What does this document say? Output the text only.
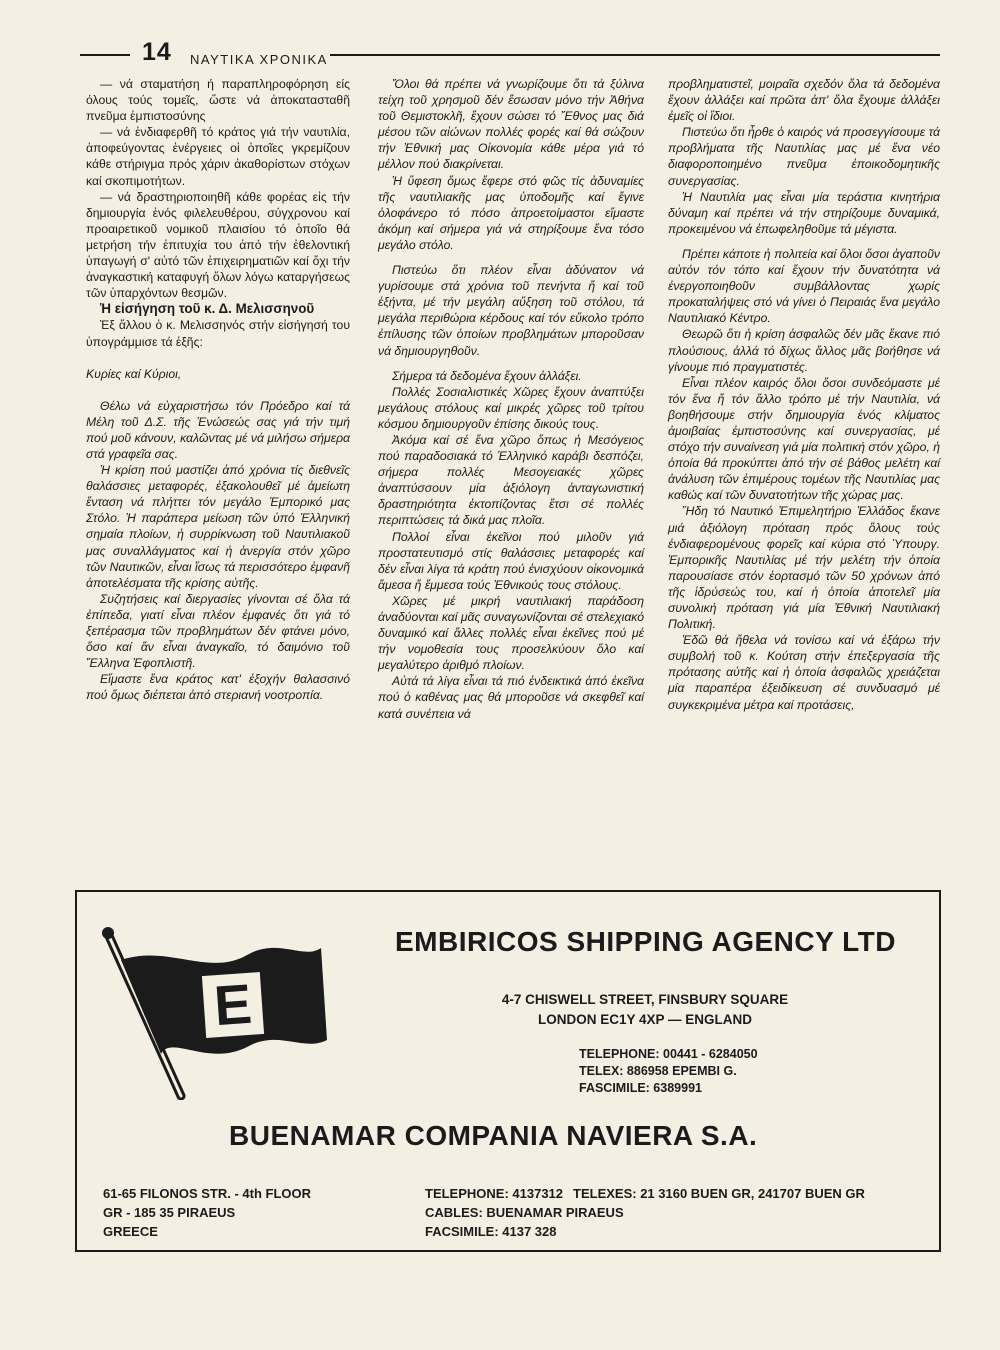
14 ΝΑΥΤΙΚΑ ΧΡΟΝΙΚΑ

— νά σταματήση ή παραπληροφόρηση είς όλους τούς τομεῖς, ὥστε νά ἀποκατασταθῆ πνεῦμα ἐμπιστοσύνης

— νά ἐνδιαφερθῆ τό κράτος γιά τήν ναυτιλία, ἀποφεύγοντας ἐνέργειες οἱ ὁποῖες γκρεμίζουν κάθε στήριγμα πρός χάριν ἀκαθορίστων στόχων καί σκοπιμοτήτων.

— νά δραστηριοποιηθῆ κάθε φορέας εἰς τήν δημιουργία ἑνός φιλελευθέρου, σύγχρονου καί προαιρετικοῦ νομικοῦ πλαισίου τό ὁποῖο θά μετρήση τήν ἐπιτυχία του ἀπό τήν ἐθελοντική ὑπαγωγή σ' αὐτό τῶν ἐπιχειρηματιῶν καί ὄχι τήν ἀναγκαστική καταφυγή ὅλων λόγω καταργήσεως τῶν ὑπαρχόντων θεσμῶν.

Ἡ εἰσήγηση τοῦ κ. Δ. Μελισσηνοῦ

Ἐξ ἄλλου ὁ κ. Μελισσηνός στήν εἰσήγησή του ὑπογράμμισε τά ἑξῆς:

Κυρίες καί Κύριοι,

Θέλω νά εὐχαριστήσω τόν Πρόεδρο καί τά Μέλη τοῦ Δ.Σ. τῆς Ἑνώσεώς σας γιά τήν τιμή πού μοῦ κάνουν, καλῶντας μέ νά μιλήσω σήμερα στά γραφεῖα σας.

Ἡ κρίση πού μαστίζει ἀπό χρόνια τίς διεθνεῖς θαλάσσιες μεταφορές, ἐξακολουθεῖ μέ ἀμείωτη ἔνταση νά πλήττει τόν μεγάλο Ἐμπορικό μας Στόλο. Ἡ παράπερα μείωση τῶν ὑπό Ἑλληνική σημαία πλοίων, ἡ συρρίκνωση τοῦ Ναυτιλιακοῦ μας συναλλάγματος καί ἡ ἀνεργία στόν χῶρο τῶν Ναυτικῶν, εἶναι ἴσως τά περισσότερο ἐμφανῆ ἀποτελέσματα τῆς κρίσης αὐτῆς.

Συζητήσεις καί διεργασίες γίνονται σέ ὅλα τά ἐπίπεδα, γιατί εἶναι πλέον ἐμφανές ὅτι γιά τό ξεπέρασμα τῶν προβλημάτων δέν φτάνει μόνο, ὅσο καί ἄν εἶναι ἀναγκαῖο, τό δαιμόνιο τοῦ Ἕλληνα Ἐφοπλιστῆ.

Εἴμαστε ἕνα κράτος κατ' ἐξοχήν θαλασσινό πού ὅμως διέπεται ἀπό στεριανή νοοτροπία.

Ὅλοι θά πρέπει νά γνωρίζουμε ὅτι τά ξύλινα τείχη τοῦ χρησμοῦ δέν ἔσωσαν μόνο τήν Ἀθήνα τοῦ Θεμιστοκλῆ, ἔχουν σώσει τό Ἔθνος μας διά μέσου τῶν αἰώνων πολλές φορές καί θά σώζουν τήν Ἐθνική μας Οἰκονομία κάθε μέρα γιά τό μέλλον πού διακρίνεται.

Ἡ ὕφεση ὅμως ἔφερε στό φῶς τίς ἀδυναμίες τῆς ναυτιλιακῆς μας ὑποδομῆς καί ἔγινε ὁλοφάνερο τό πόσο ἀπροετοίμαστοι εἴμαστε ἀκόμη καί σήμερα γιά νά στηρίξουμε ἕνα τόσο μεγάλο στόλο.

Πιστεύω ὅτι πλέον εἶναι ἀδύνατον νά γυρίσουμε στά χρόνια τοῦ πενήντα ἤ καί τοῦ ἑξήντα, μέ τήν μεγάλη αὔξηση τοῦ στόλου, τά μεγάλα περιθώρια κέρδους καί τόν εὔκολο τρόπο ἐπίλυσης τῶν ὁποίων προβλημάτων μποροῦσαν νά δημιουργηθοῦν.

Σήμερα τά δεδομένα ἔχουν ἀλλάξει.

Πολλές Σοσιαλιστικές Χῶρες ἔχουν ἀναπτύξει μεγάλους στόλους καί μικρές χῶρες τοῦ τρίτου κόσμου δημιουργοῦν ἐπίσης δικούς τους.

Ἀκόμα καί σέ ἕνα χῶρο ὅπως ἡ Μεσόγειος πού παραδοσιακά τό Ἑλληνικό καράβι δεσπόζει, σήμερα πολλές Μεσογειακές χῶρες ἀναπτύσσουν μία ἀξιόλογη ἀνταγωνιστική δραστηριότητα ἐκτοπίζοντας ἔτσι σέ πολλές περιπτώσεις τά δικά μας πλοῖα.

Πολλοί εἶναι ἐκεῖνοι πού μιλοῦν γιά προστατευτισμό στίς θαλάσσιες μεταφορές καί δέν εἶναι λίγα τά κράτη πού ἐνισχύουν οἰκονομικά ἄμεσα ἤ ἔμμεσα τούς Ἐθνικούς τους στόλους.

Χῶρες μέ μικρή ναυτιλιακή παράδοση ἀναδύονται καί μᾶς συναγωνίζονται σέ στελεχιακό δυναμικό καί ἄλλες πολλές εἶναι ἐκεῖνες πού μέ τήν νομοθεσία τους προσελκύουν ὅλο καί μεγαλύτερο ἀριθμό πλοίων.

Αὐτά τά λίγα εἶναι τά πιό ἐνδεικτικά ἀπό ἐκεῖνα πού ὁ καθένας μας θά μποροῦσε νά σκεφθεῖ καί κατά συνέπεια νά

προβληματιστεῖ, μοιραῖα σχεδόν ὅλα τά δεδομένα ἔχουν ἀλλάξει καί πρῶτα ἀπ' ὅλα ἔχουμε ἀλλάξει ἐμεῖς οἱ ἴδιοι.

Πιστεύω ὅτι ἦρθε ὁ καιρός νά προσεγγίσουμε τά προβλήματα τῆς Ναυτιλίας μας μέ ἕνα νέο διαφοροποιημένο πνεῦμα ἐποικοδομητικῆς συνεργασίας.

Ἡ Ναυτιλία μας εἶναι μία τεράστια κινητήρια δύναμη καί πρέπει νά τήν στηρίζουμε δυναμικά, προκειμένου νά ἐπωφεληθοῦμε τά μέγιστα.

Πρέπει κάποτε ἡ πολιτεία καί ὅλοι ὅσοι ἀγαποῦν αὐτόν τόν τόπο καί ἔχουν τήν δυνατότητα νά ἐνεργοποιηθοῦν συμβάλλοντας χωρίς προκαταλήψεις στό νά γίνει ὁ Πειραιάς ἕνα μεγάλο Ναυτιλιακό Κέντρο.

Θεωρῶ ὅτι ἡ κρίση ἀσφαλῶς δέν μᾶς ἔκανε πιό πλούσιους, ἀλλά τό δίχως ἄλλος μᾶς βοήθησε νά γίνουμε πιό πραγματιστές.

Εἶναι πλέον καιρός ὅλοι ὅσοι συνδεόμαστε μέ τόν ἕνα ἤ τόν ἄλλο τρόπο μέ τήν Ναυτιλία, νά βοηθήσουμε στήν δημιουργία ἑνός κλίματος ἀμοιβαίας ἐμπιστοσύνης καί συνεργασίας, μέ στόχο τήν συναίνεση γιά μία πολιτική στόν χῶρο, ἡ ὁποία θά προκύπτει ἀπό τήν σέ βάθος μελέτη καί ἀνάλυση τῶν ἐπιμέρους τομέων τῆς Ναυτιλίας μας καθώς καί τῶν δυνατοτήτων τῆς χώρας μας.

Ἤδη τό Ναυτικό Ἐπιμελητήριο Ἑλλάδος ἔκανε μιά ἀξιόλογη πρόταση πρός ὅλους τούς ἐνδιαφερομένους φορεῖς καί κύρια στό Ὑπουργ. Ἐμπορικῆς Ναυτιλίας μέ τήν μελέτη τήν ὁποία παρουσίασε στόν ἑορτασμό τῶν 50 χρόνων ἀπό τῆς ἱδρύσεώς του, καί ἡ ὁποία ἀποτελεῖ μία συνολική πρόταση γιά μία Ἐθνική Ναυτιλιακή Πολιτική.

Ἐδῶ θά ἤθελα νά τονίσω καί νά ἐξάρω τήν συμβολή τοῦ κ. Κούτση στήν ἐπεξεργασία τῆς πρότασης αὐτῆς καί ἡ ὁποία ἀσφαλῶς χρειάζεται μία παραπέρα ἐξειδίκευση σέ συνδυασμό μέ συγκεκριμένα μέτρα καί προτάσεις,

E
EMBIRICOS SHIPPING AGENCY LTD
4-7 CHISWELL STREET, FINSBURY SQUARE
LONDON EC1Y 4XP — ENGLAND
TELEPHONE: 00441 - 6284050
TELEX: 886958 EPEMBI G.
FASCIMILE: 6389991
BUENAMAR COMPANIA NAVIERA S.A.
61-65 FILONOS STR. - 4th FLOOR
GR - 185 35 PIRAEUS
GREECE
TELEPHONE: 4137312 TELEXES: 21 3160 BUEN GR, 241707 BUEN GR
CABLES: BUENAMAR PIRAEUS
FACSIMILE: 4137 328
